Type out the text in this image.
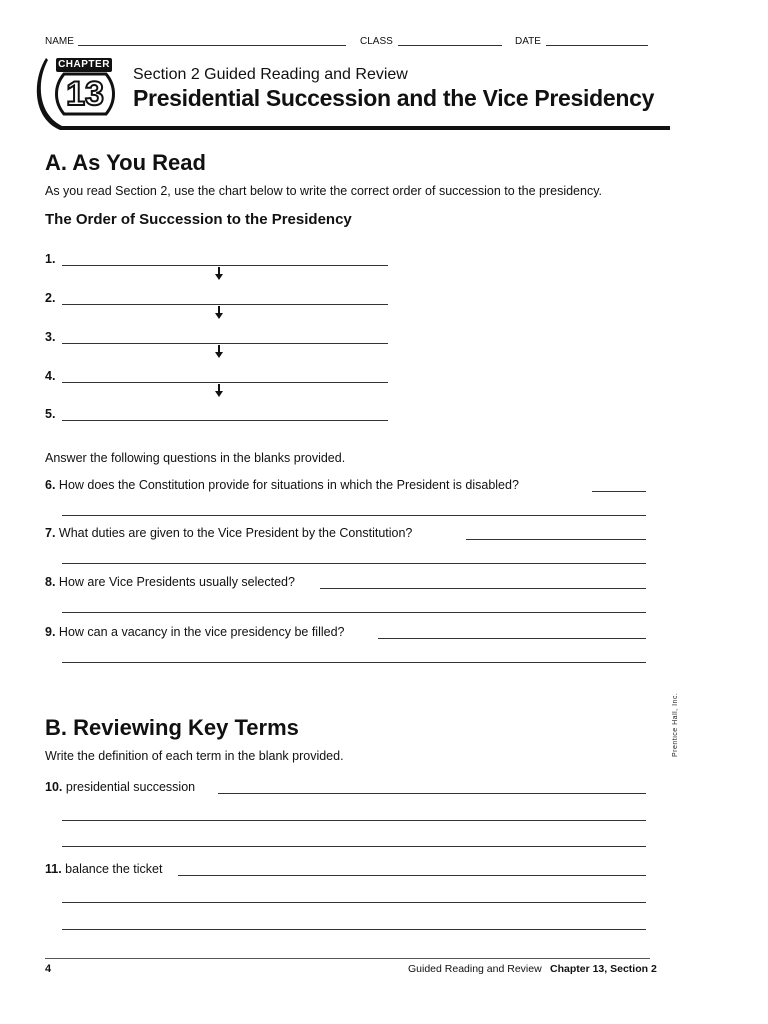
NAME	CLASS	DATE
CHAPTER
13
Section 2 Guided Reading and Review
Presidential Succession and the Vice Presidency
A. As You Read
As you read Section 2, use the chart below to write the correct order of succession to the presidency.
The Order of Succession to the Presidency
1.
2.
3.
4.
5.
Answer the following questions in the blanks provided.
6. How does the Constitution provide for situations in which the President is disabled?
7. What duties are given to the Vice President by the Constitution?
8. How are Vice Presidents usually selected?
9. How can a vacancy in the vice presidency be filled?
Prentice Hall, Inc.
B. Reviewing Key Terms
Write the definition of each term in the blank provided.
10. presidential succession
11. balance the ticket
4	Guided Reading and Review Chapter 13, Section 2
